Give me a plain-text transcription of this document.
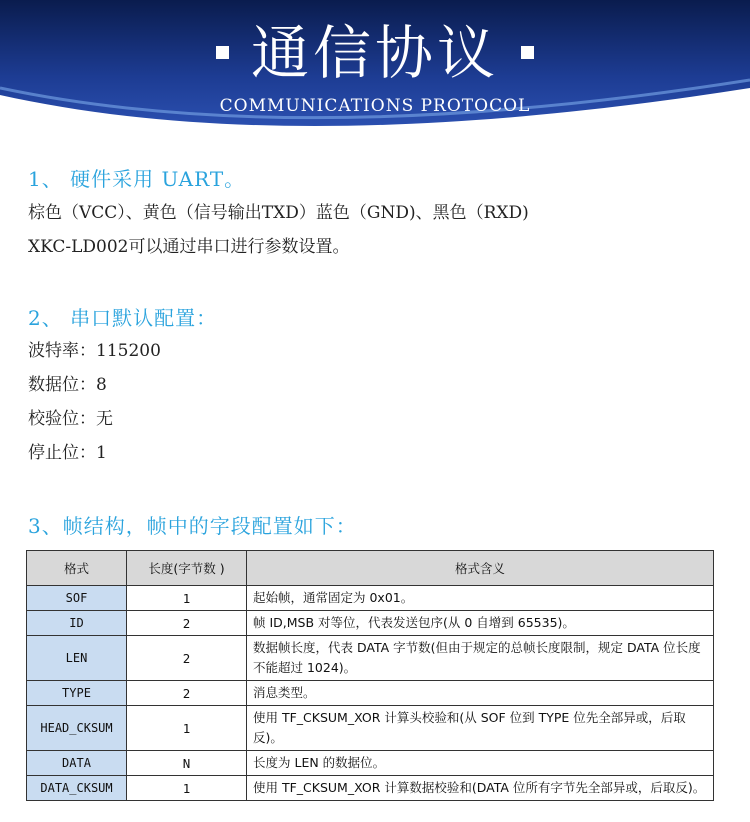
通信协议
COMMUNICATIONS PROTOCOL
1、 硬件采用 UART。
棕色（VCC）、黄色（信号输出TXD）蓝色（GND)、黑色（RXD)
XKC-LD002可以通过串口进行参数设置。
2、 串口默认配置：
波特率：115200
数据位：8
校验位：无
停止位：1
3、帧结构，帧中的字段配置如下：
格式	长度(字节数 )	格式含义
SOF	1	起始帧，通常固定为 0x01。
ID	2	帧 ID,MSB 对等位，代表发送包序(从 0 自增到 65535)。
LEN	2	数据帧长度，代表 DATA 字节数(但由于规定的总帧长度限制，规定 DATA 位长度不能超过 1024)。
TYPE	2	消息类型。
HEAD_CKSUM	1	使用 TF_CKSUM_XOR 计算头校验和(从 SOF 位到 TYPE 位先全部异或，后取反)。
DATA	N	长度为 LEN 的数据位。
DATA_CKSUM	1	使用 TF_CKSUM_XOR 计算数据校验和(DATA 位所有字节先全部异或，后取反)。
